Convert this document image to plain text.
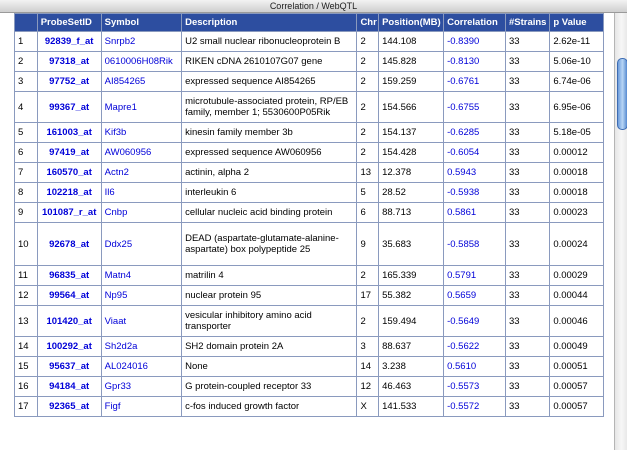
Correlation / WebQTL
	ProbeSetID	Symbol	Description	Chr	Position(MB)	Correlation	#Strains	p Value
1	92839_f_at	Snrpb2	U2 small nuclear ribonucleoprotein B	2	144.108	-0.8390	33	2.62e-11
2	97318_at	0610006H08Rik	RIKEN cDNA 2610107G07 gene	2	145.828	-0.8130	33	5.06e-10
3	97752_at	AI854265	expressed sequence AI854265	2	159.259	-0.6761	33	6.74e-06
4	99367_at	Mapre1	microtubule-associated protein, RP/EB family, member 1; 5530600P05Rik	2	154.566	-0.6755	33	6.95e-06
5	161003_at	Kif3b	kinesin family member 3b	2	154.137	-0.6285	33	5.18e-05
6	97419_at	AW060956	expressed sequence AW060956	2	154.428	-0.6054	33	0.00012
7	160570_at	Actn2	actinin, alpha 2	13	12.378	0.5943	33	0.00018
8	102218_at	Il6	interleukin 6	5	28.52	-0.5938	33	0.00018
9	101087_r_at	Cnbp	cellular nucleic acid binding protein	6	88.713	0.5861	33	0.00023
10	92678_at	Ddx25	DEAD (aspartate-glutamate-alanine-aspartate) box polypeptide 25	9	35.683	-0.5858	33	0.00024
11	96835_at	Matn4	matrilin 4	2	165.339	0.5791	33	0.00029
12	99564_at	Np95	nuclear protein 95	17	55.382	0.5659	33	0.00044
13	101420_at	Viaat	vesicular inhibitory amino acid transporter	2	159.494	-0.5649	33	0.00046
14	100292_at	Sh2d2a	SH2 domain protein 2A	3	88.637	-0.5622	33	0.00049
15	95637_at	AL024016	None	14	3.238	0.5610	33	0.00051
16	94184_at	Gpr33	G protein-coupled receptor 33	12	46.463	-0.5573	33	0.00057
17	92365_at	Figf	c-fos induced growth factor	X	141.533	-0.5572	33	0.00057
